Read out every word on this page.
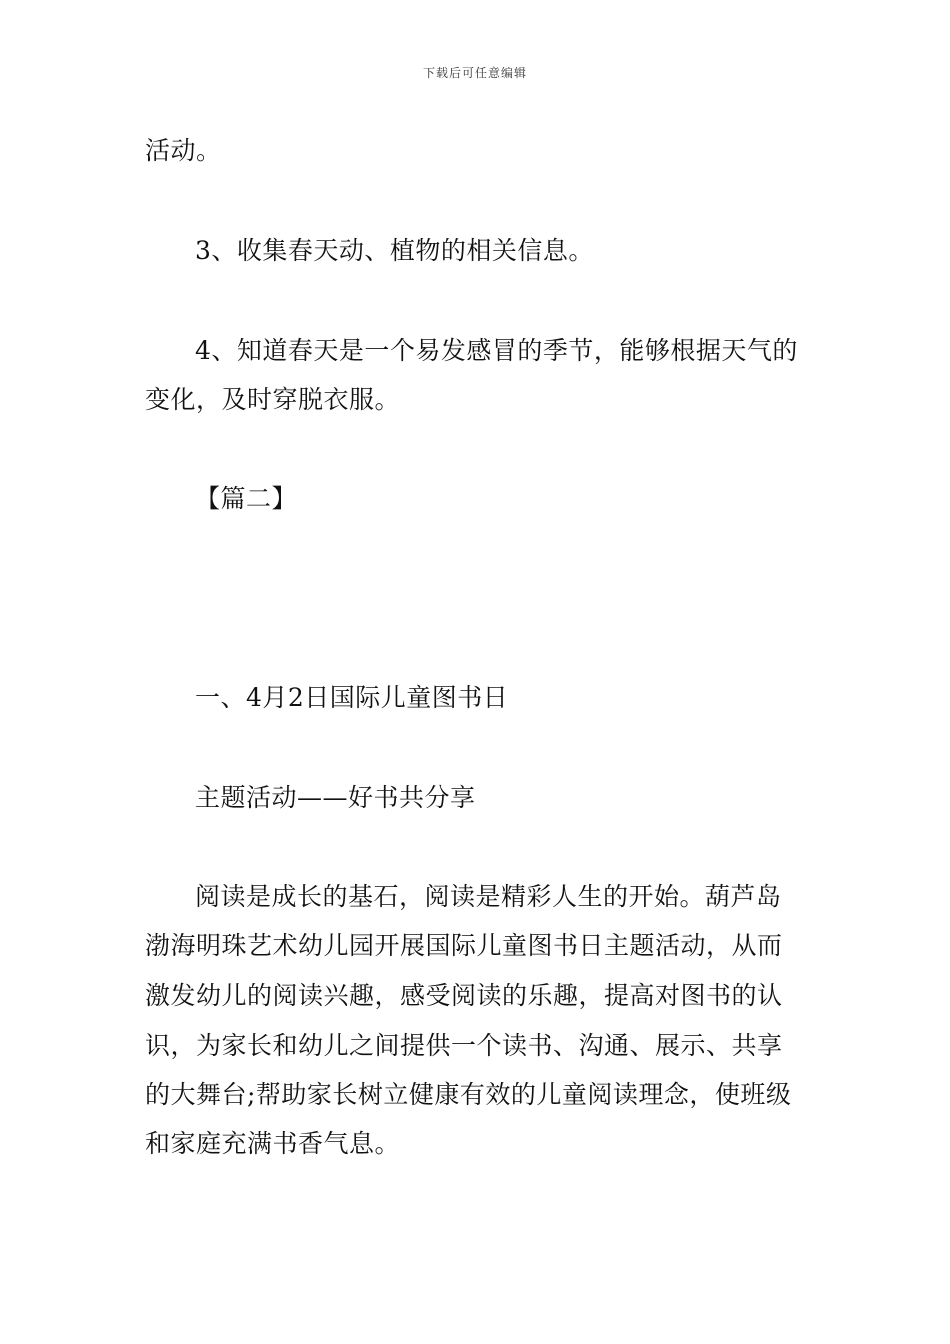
下载后可任意编辑
活动。
3、收集春天动、植物的相关信息。
4、知道春天是一个易发感冒的季节，能够根据天气的
变化，及时穿脱衣服。
【篇二】
一、4月2日国际儿童图书日
主题活动——好书共分享
阅读是成长的基石，阅读是精彩人生的开始。葫芦岛
渤海明珠艺术幼儿园开展国际儿童图书日主题活动，从而
激发幼儿的阅读兴趣，感受阅读的乐趣，提高对图书的认
识，为家长和幼儿之间提供一个读书、沟通、展示、共享
的大舞台;帮助家长树立健康有效的儿童阅读理念，使班级
和家庭充满书香气息。
